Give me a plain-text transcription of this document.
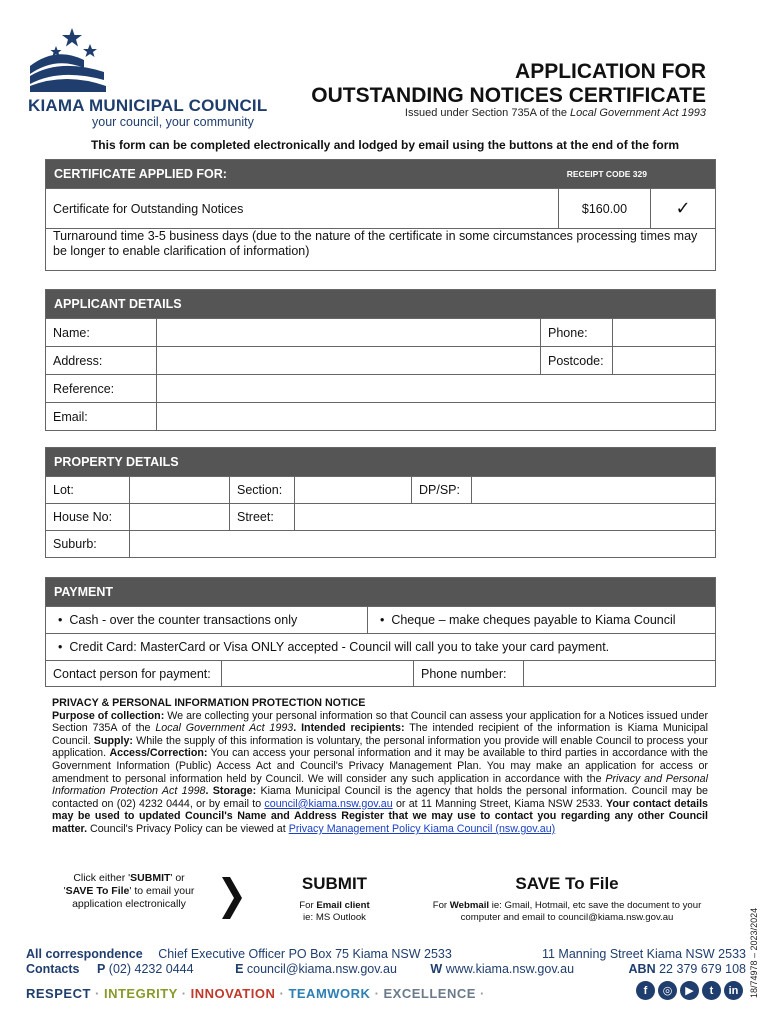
KIAMA MUNICIPAL COUNCIL
your council, your community
APPLICATION FOR
OUTSTANDING NOTICES CERTIFICATE
Issued under Section 735A of the Local Government Act 1993
This form can be completed electronically and lodged by email using the buttons at the end of the form
CERTIFICATE APPLIED FOR:	RECEIPT CODE 329
Certificate for Outstanding Notices	$160.00	✓
Turnaround time 3-5 business days (due to the nature of the certificate in some circumstances processing times may be longer to enable clarification of information)
APPLICANT DETAILS
Name:	Phone:
Address:	Postcode:
Reference:
Email:
PROPERTY DETAILS
Lot:	Section:	DP/SP:
House No:	Street:
Suburb:
PAYMENT
• Cash - over the counter transactions only	• Cheque – make cheques payable to Kiama Council
• Credit Card: MasterCard or Visa ONLY accepted - Council will call you to take your card payment.
Contact person for payment:	Phone number:
PRIVACY & PERSONAL INFORMATION PROTECTION NOTICE
Purpose of collection: We are collecting your personal information so that Council can assess your application for a Notices issued under Section 735A of the Local Government Act 1993. Intended recipients: The intended recipient of the information is Kiama Municipal Council. Supply: While the supply of this information is voluntary, the personal information you provide will enable Council to process your application. Access/Correction: You can access your personal information and it may be available to third parties in accordance with the Government Information (Public) Access Act and Council's Privacy Management Plan. You may make an application for access or amendment to personal information held by Council. We will consider any such application in accordance with the Privacy and Personal Information Protection Act 1998. Storage: Kiama Municipal Council is the agency that holds the personal information. Council may be contacted on (02) 4232 0444, or by email to council@kiama.nsw.gov.au or at 11 Manning Street, Kiama NSW 2533. Your contact details may be used to updated Council's Name and Address Register that we may use to contact you regarding any other Council matter. Council's Privacy Policy can be viewed at Privacy Management Policy Kiama Council (nsw.gov.au)
Click either 'SUBMIT' or 'SAVE To File' to email your application electronically
SUBMIT
For Email client
ie: MS Outlook
SAVE To File
For Webmail ie: Gmail, Hotmail, etc save the document to your computer and email to council@kiama.nsw.gov.au	18/74978 – 2023/2024
All correspondence Chief Executive Officer PO Box 75 Kiama NSW 2533	11 Manning Street Kiama NSW 2533
Contacts P (02) 4232 0444	E council@kiama.nsw.gov.au	W www.kiama.nsw.gov.au	ABN 22 379 679 108
RESPECT · INTEGRITY · INNOVATION · TEAMWORK · EXCELLENCE ·	f	◎	▶	t	in
